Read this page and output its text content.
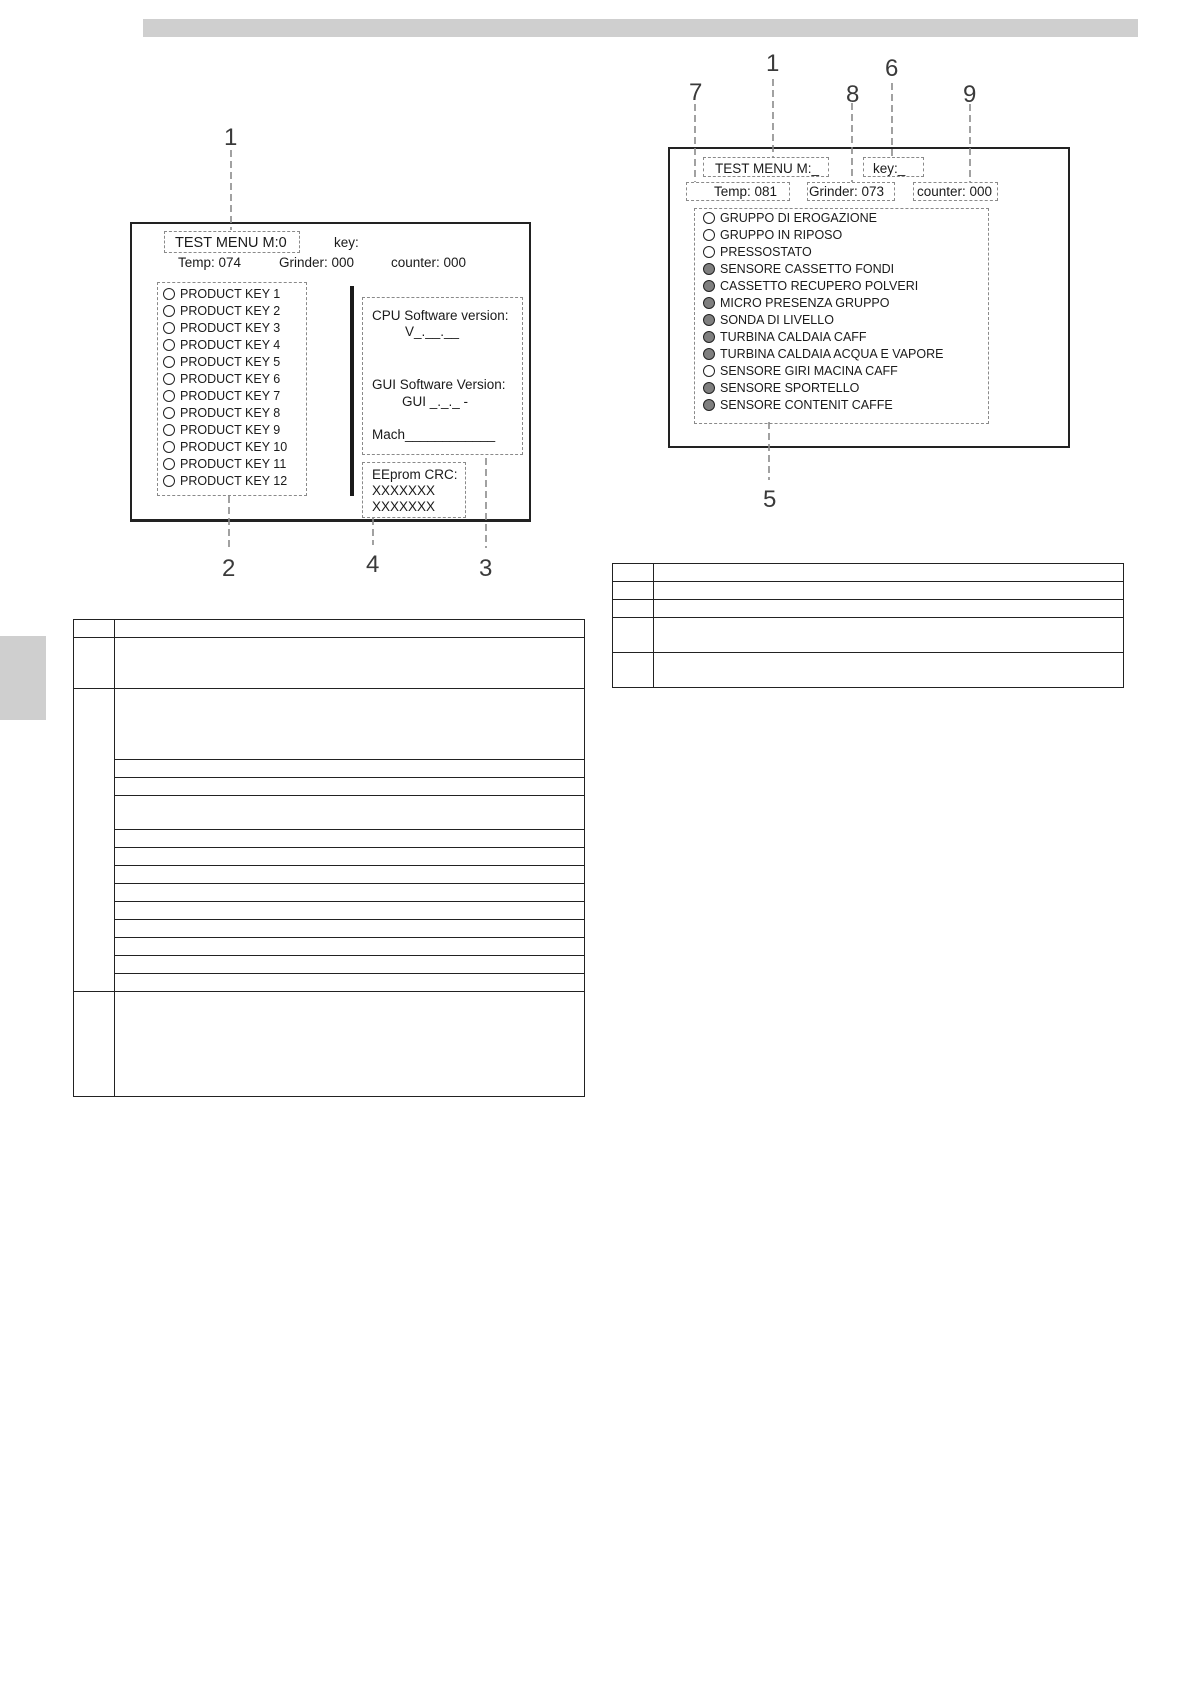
TEST MENU M:0	key:
Temp: 074	Grinder: 000	counter: 000
PRODUCT KEY 1
PRODUCT KEY 2
PRODUCT KEY 3
PRODUCT KEY 4
PRODUCT KEY 5
PRODUCT KEY 6
PRODUCT KEY 7
PRODUCT KEY 8
PRODUCT KEY 9
PRODUCT KEY 10
PRODUCT KEY 11
PRODUCT KEY 12
CPU Software version:
V_.__.__
GUI Software Version:
GUI _._._ -
Mach____________
EEprom CRC:
XXXXXXX
XXXXXXX
TEST MENU M:_	key:_
Temp: 081 Grinder: 073 counter: 000
GRUPPO DI EROGAZIONE
GRUPPO IN RIPOSO
PRESSOSTATO
SENSORE CASSETTO FONDI
CASSETTO RECUPERO POLVERI
MICRO PRESENZA GRUPPO
SONDA DI LIVELLO
TURBINA CALDAIA CAFF
TURBINA CALDAIA ACQUA E VAPORE
SENSORE GIRI MACINA CAFF
SENSORE SPORTELLO
SENSORE CONTENIT CAFFE
1
2	4	3
1	6
7	8	9
5
